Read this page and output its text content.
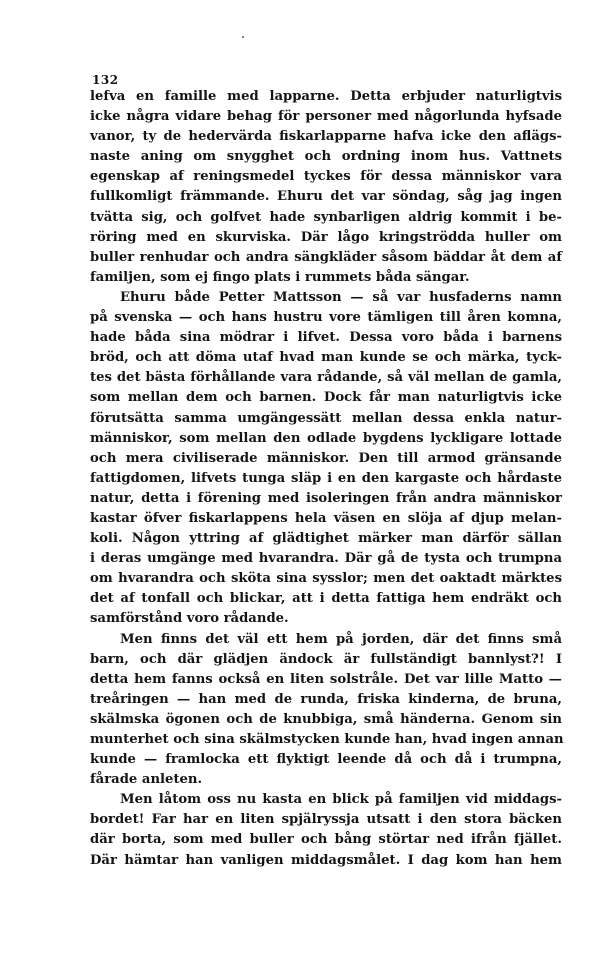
132
lefva en famille med lapparne. Detta erbjuder naturligtvis
icke några vidare behag för personer med någorlunda hyfsade
vanor, ty de hedervärda fiskarlapparne hafva icke den aflägs-
naste aning om snygghet och ordning inom hus. Vattnets
egenskap af reningsmedel tyckes för dessa människor vara
fullkomligt främmande. Ehuru det var söndag, såg jag ingen
tvätta sig, och golfvet hade synbarligen aldrig kommit i be-
röring med en skurviska. Där lågo kringströdda huller om
buller renhudar och andra sängkläder såsom bäddar åt dem af
familjen, som ej fingo plats i rummets båda sängar.
Ehuru både Petter Mattsson — så var husfaderns namn
på svenska — och hans hustru vore tämligen till åren komna,
hade båda sina mödrar i lifvet. Dessa voro båda i barnens
bröd, och att döma utaf hvad man kunde se och märka, tyck-
tes det bästa förhållande vara rådande, så väl mellan de gamla,
som mellan dem och barnen. Dock får man naturligtvis icke
förutsätta samma umgängessätt mellan dessa enkla natur-
människor, som mellan den odlade bygdens lyckligare lottade
och mera civiliserade människor. Den till armod gränsande
fattigdomen, lifvets tunga släp i en den kargaste och hårdaste
natur, detta i förening med isoleringen från andra människor
kastar öfver fiskarlappens hela väsen en slöja af djup melan-
koli. Någon yttring af glädtighet märker man därför sällan
i deras umgänge med hvarandra. Där gå de tysta och trumpna
om hvarandra och sköta sina sysslor; men det oaktadt märktes
det af tonfall och blickar, att i detta fattiga hem endräkt och
samförstånd voro rådande.
Men finns det väl ett hem på jorden, där det finns små
barn, och där glädjen ändock är fullständigt bannlyst?! I
detta hem fanns också en liten solstråle. Det var lille Matto —
treåringen — han med de runda, friska kinderna, de bruna,
skälmska ögonen och de knubbiga, små händerna. Genom sin
munterhet och sina skälmstycken kunde han, hvad ingen annan
kunde — framlocka ett flyktigt leende då och då i trumpna,
fårade anleten.
Men låtom oss nu kasta en blick på familjen vid middags-
bordet! Far har en liten spjälryssja utsatt i den stora bäcken
där borta, som med buller och bång störtar ned ifrån fjället.
Där hämtar han vanligen middagsmålet. I dag kom han hem
